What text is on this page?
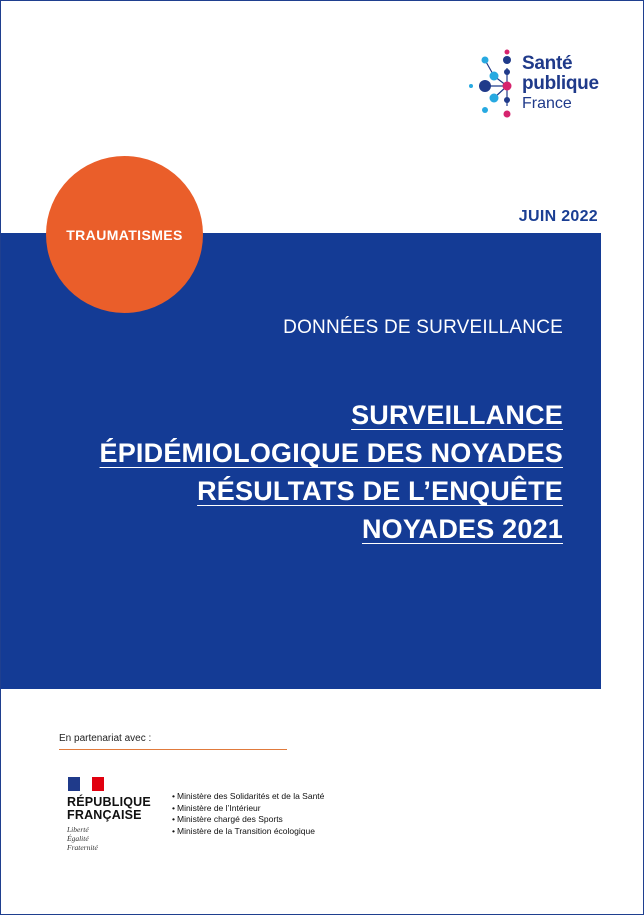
Santé
publique
France
JUIN 2022
TRAUMATISMES
DONNÉES DE SURVEILLANCE
SURVEILLANCE
ÉPIDÉMIOLOGIQUE DES NOYADES
RÉSULTATS DE L’ENQUÊTE
NOYADES 2021
En partenariat avec :
RÉPUBLIQUE
FRANÇAISE
Liberté
Égalité
Fraternité
• Ministère des Solidarités et de la Santé
• Ministère de l’Intérieur
• Ministère chargé des Sports
• Ministère de la Transition écologique
